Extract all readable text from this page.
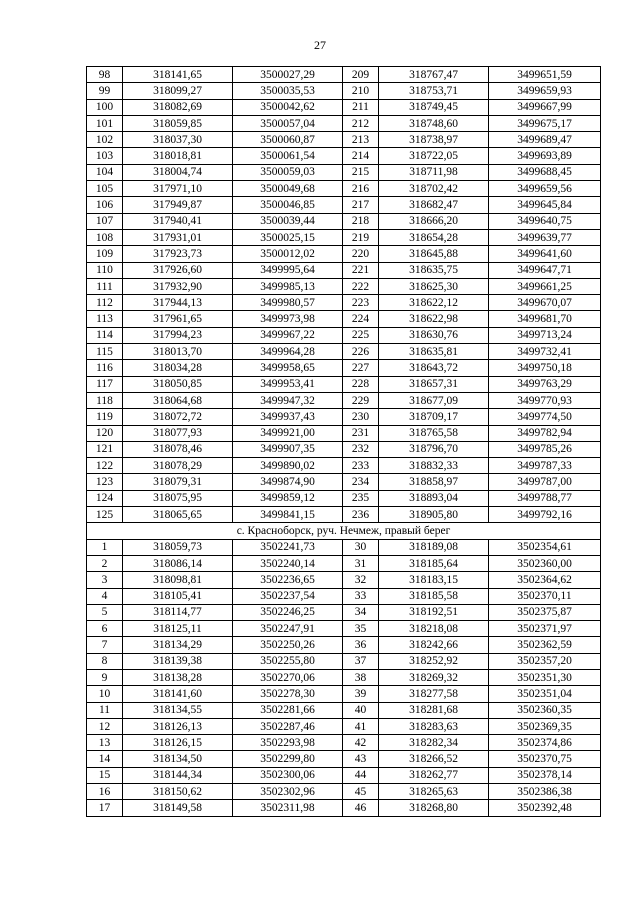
27
98	318141,65	3500027,29	209	318767,47	3499651,59
99	318099,27	3500035,53	210	318753,71	3499659,93
100	318082,69	3500042,62	211	318749,45	3499667,99
101	318059,85	3500057,04	212	318748,60	3499675,17
102	318037,30	3500060,87	213	318738,97	3499689,47
103	318018,81	3500061,54	214	318722,05	3499693,89
104	318004,74	3500059,03	215	318711,98	3499688,45
105	317971,10	3500049,68	216	318702,42	3499659,56
106	317949,87	3500046,85	217	318682,47	3499645,84
107	317940,41	3500039,44	218	318666,20	3499640,75
108	317931,01	3500025,15	219	318654,28	3499639,77
109	317923,73	3500012,02	220	318645,88	3499641,60
110	317926,60	3499995,64	221	318635,75	3499647,71
111	317932,90	3499985,13	222	318625,30	3499661,25
112	317944,13	3499980,57	223	318622,12	3499670,07
113	317961,65	3499973,98	224	318622,98	3499681,70
114	317994,23	3499967,22	225	318630,76	3499713,24
115	318013,70	3499964,28	226	318635,81	3499732,41
116	318034,28	3499958,65	227	318643,72	3499750,18
117	318050,85	3499953,41	228	318657,31	3499763,29
118	318064,68	3499947,32	229	318677,09	3499770,93
119	318072,72	3499937,43	230	318709,17	3499774,50
120	318077,93	3499921,00	231	318765,58	3499782,94
121	318078,46	3499907,35	232	318796,70	3499785,26
122	318078,29	3499890,02	233	318832,33	3499787,33
123	318079,31	3499874,90	234	318858,97	3499787,00
124	318075,95	3499859,12	235	318893,04	3499788,77
125	318065,65	3499841,15	236	318905,80	3499792,16
с. Красноборск, руч. Нечмеж, правый берег					
1	318059,73	3502241,73	30	318189,08	3502354,61
2	318086,14	3502240,14	31	318185,64	3502360,00
3	318098,81	3502236,65	32	318183,15	3502364,62
4	318105,41	3502237,54	33	318185,58	3502370,11
5	318114,77	3502246,25	34	318192,51	3502375,87
6	318125,11	3502247,91	35	318218,08	3502371,97
7	318134,29	3502250,26	36	318242,66	3502362,59
8	318139,38	3502255,80	37	318252,92	3502357,20
9	318138,28	3502270,06	38	318269,32	3502351,30
10	318141,60	3502278,30	39	318277,58	3502351,04
11	318134,55	3502281,66	40	318281,68	3502360,35
12	318126,13	3502287,46	41	318283,63	3502369,35
13	318126,15	3502293,98	42	318282,34	3502374,86
14	318134,50	3502299,80	43	318266,52	3502370,75
15	318144,34	3502300,06	44	318262,77	3502378,14
16	318150,62	3502302,96	45	318265,63	3502386,38
17	318149,58	3502311,98	46	318268,80	3502392,48
